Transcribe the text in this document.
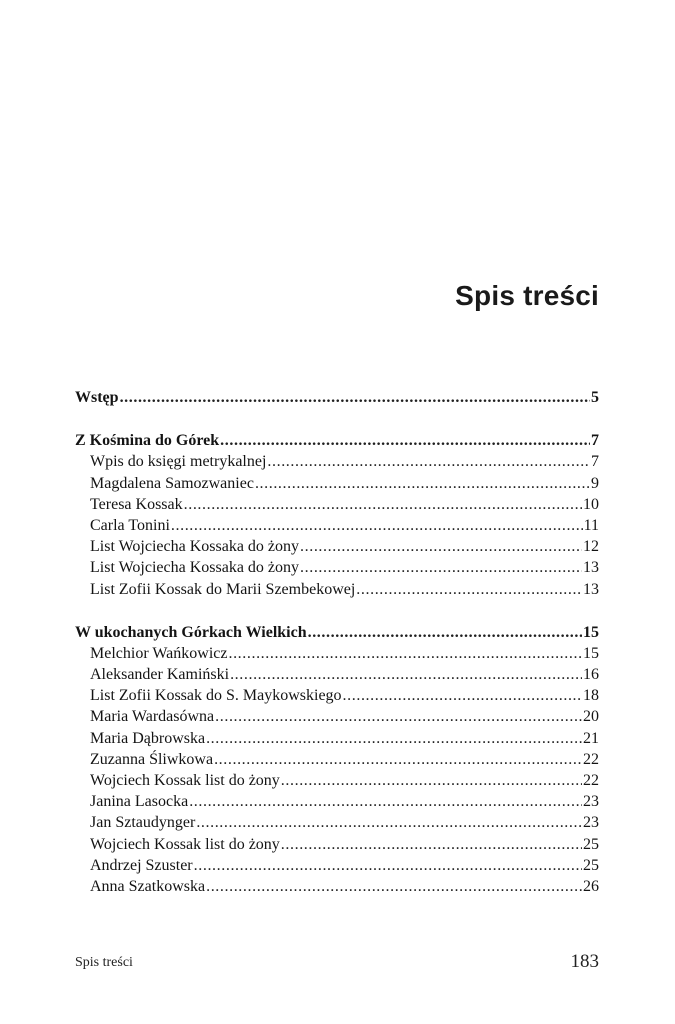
Spis treści
Wstęp .....	5
Z Kośmina do Górek .....	7
Wpis do księgi metrykalnej .....	7
Magdalena Samozwaniec .....	9
Teresa Kossak .....	10
Carla Tonini .....	11
List Wojciecha Kossaka do żony .....	12
List Wojciecha Kossaka do żony .....	13
List Zofii Kossak do Marii Szembekowej .....	13
W ukochanych Górkach Wielkich .....	15
Melchior Wańkowicz .....	15
Aleksander Kamiński .....	16
List Zofii Kossak do S. Maykowskiego .....	18
Maria Wardasówna .....	20
Maria Dąbrowska .....	21
Zuzanna Śliwkowa .....	22
Wojciech Kossak list do żony .....	22
Janina Lasocka .....	23
Jan Sztaudynger .....	23
Wojciech Kossak list do żony .....	25
Andrzej Szuster .....	25
Anna Szatkowska .....	26
Spis treści	183
